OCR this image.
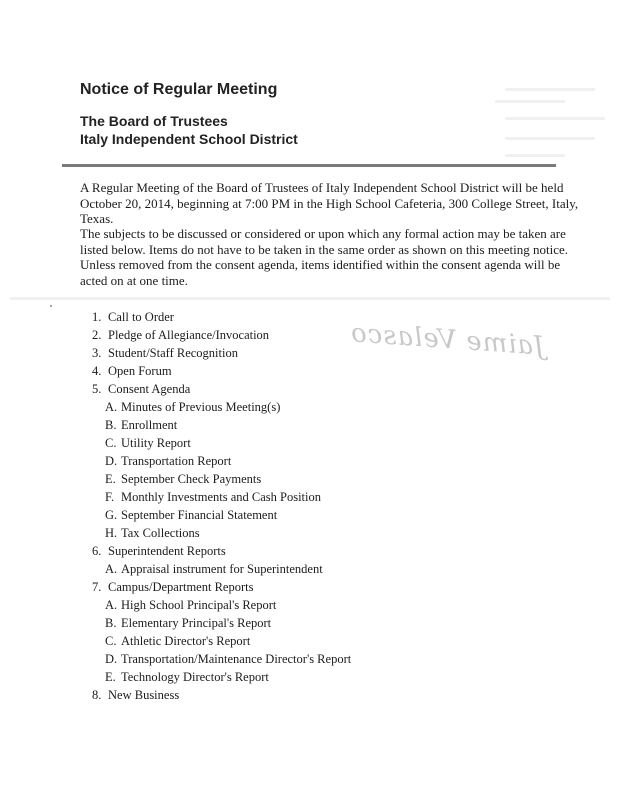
Notice of Regular Meeting
The Board of Trustees
Italy Independent School District
A Regular Meeting of the Board of Trustees of Italy Independent School District will be held October 20, 2014, beginning at 7:00 PM in the High School Cafeteria, 300 College Street, Italy, Texas.
The subjects to be discussed or considered or upon which any formal action may be taken are listed below. Items do not have to be taken in the same order as shown on this meeting notice. Unless removed from the consent agenda, items identified within the consent agenda will be acted on at one time.
1. Call to Order
2. Pledge of Allegiance/Invocation
3. Student/Staff Recognition
4. Open Forum
5. Consent Agenda
A. Minutes of Previous Meeting(s)
B. Enrollment
C. Utility Report
D. Transportation Report
E. September Check Payments
F. Monthly Investments and Cash Position
G. September Financial Statement
H. Tax Collections
6. Superintendent Reports
A. Appraisal instrument for Superintendent
7. Campus/Department Reports
A. High School Principal's Report
B. Elementary Principal's Report
C. Athletic Director's Report
D. Transportation/Maintenance Director's Report
E. Technology Director's Report
8. New Business
Jaime Velasco
